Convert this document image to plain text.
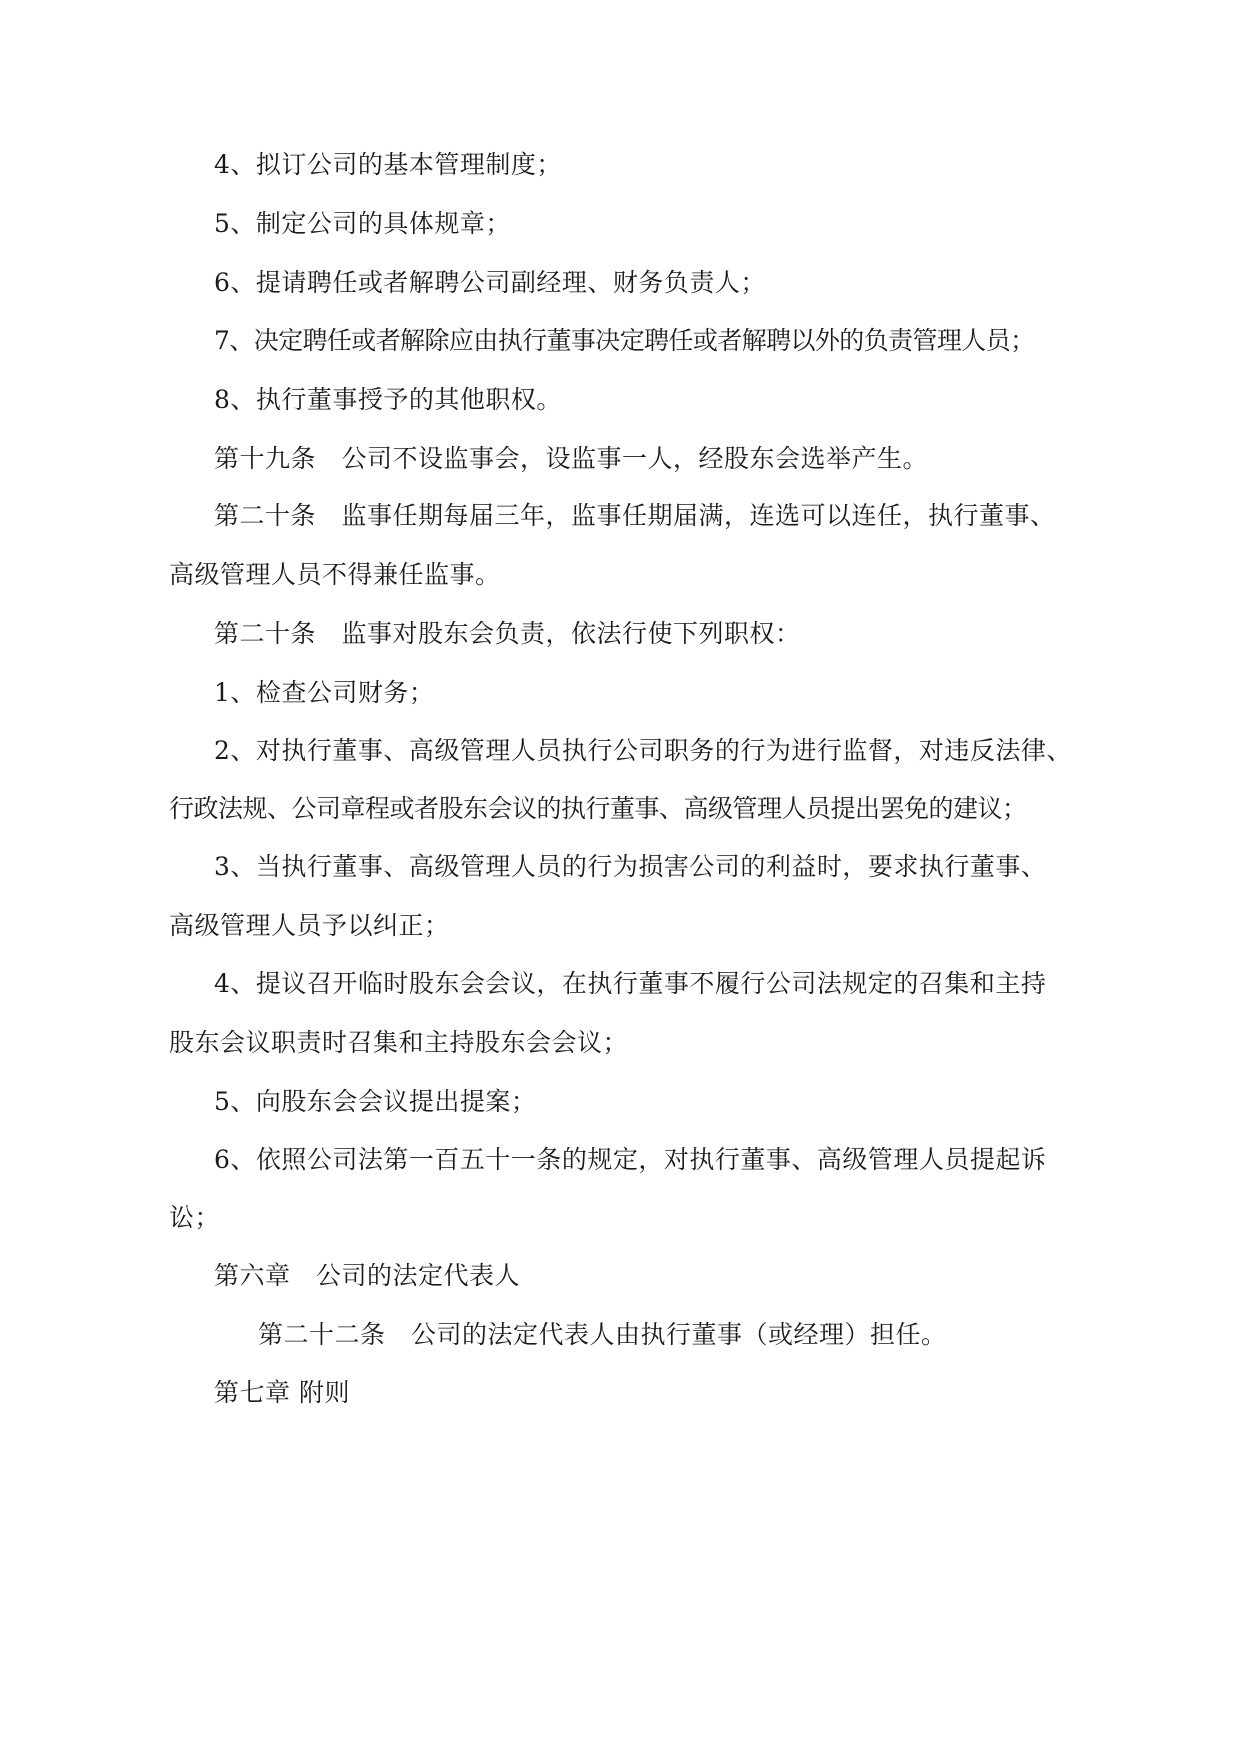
4、拟订公司的基本管理制度；
5、制定公司的具体规章；
6、提请聘任或者解聘公司副经理、财务负责人；
7、决定聘任或者解除应由执行董事决定聘任或者解聘以外的负责管理人员；
8、执行董事授予的其他职权。
第十九条　公司不设监事会，设监事一人，经股东会选举产生。
第二十条　监事任期每届三年，监事任期届满，连选可以连任，执行董事、
高级管理人员不得兼任监事。
第二十条　监事对股东会负责，依法行使下列职权：
1、检查公司财务；
2、对执行董事、高级管理人员执行公司职务的行为进行监督，对违反法律、
行政法规、公司章程或者股东会议的执行董事、高级管理人员提出罢免的建议；
3、当执行董事、高级管理人员的行为损害公司的利益时，要求执行董事、
高级管理人员予以纠正；
4、提议召开临时股东会会议，在执行董事不履行公司法规定的召集和主持
股东会议职责时召集和主持股东会会议；
5、向股东会会议提出提案；
6、依照公司法第一百五十一条的规定，对执行董事、高级管理人员提起诉
讼；
第六章　公司的法定代表人
第二十二条　公司的法定代表人由执行董事（或经理）担任。
第七章 附则
